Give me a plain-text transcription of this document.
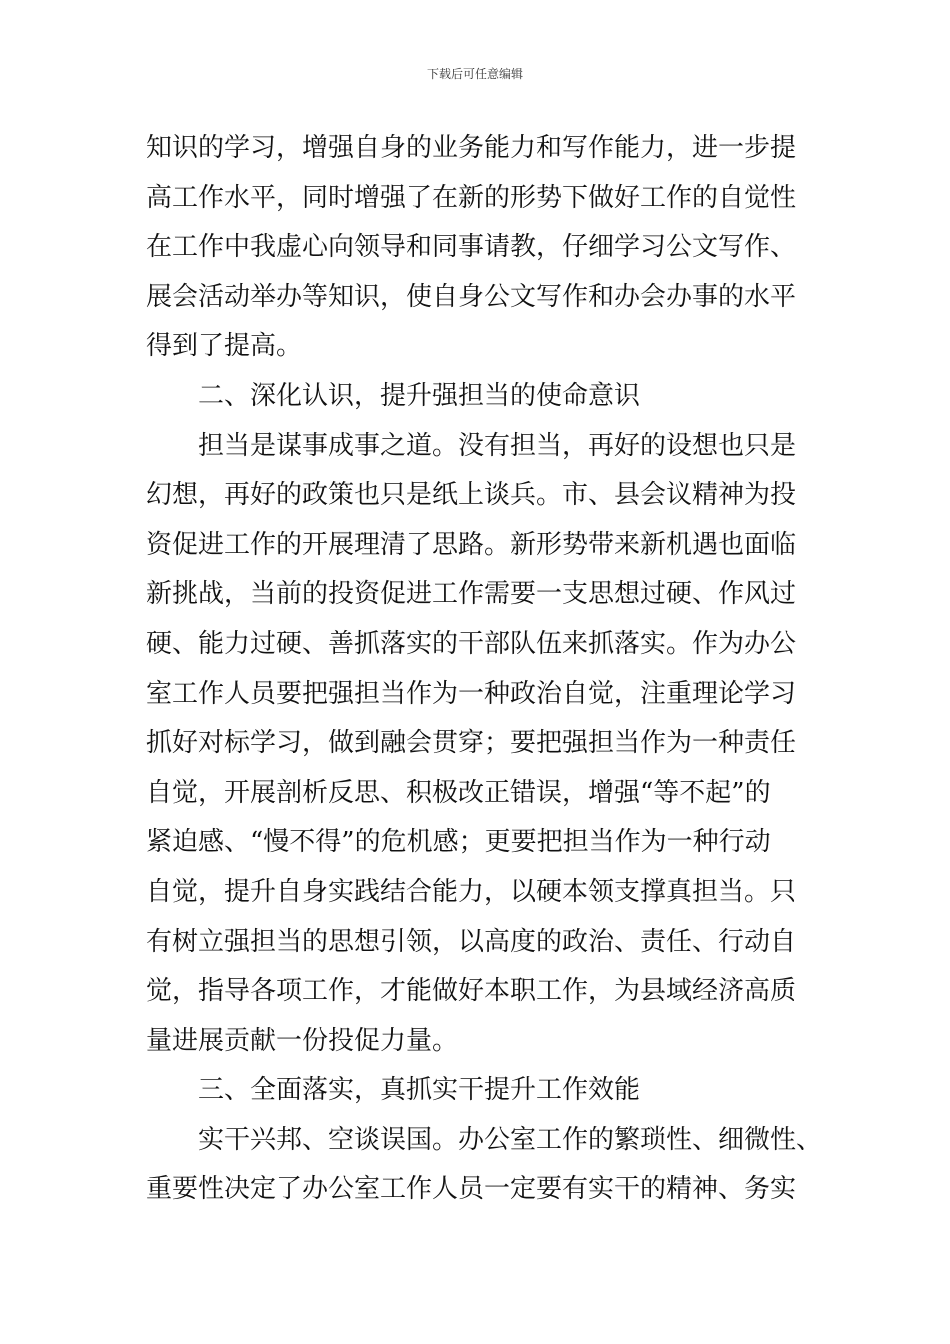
下载后可任意编辑
知识的学习，增强自身的业务能力和写作能力，进一步提
高工作水平，同时增强了在新的形势下做好工作的自觉性
在工作中我虚心向领导和同事请教，仔细学习公文写作、
展会活动举办等知识，使自身公文写作和办会办事的水平
得到了提高。
二、深化认识，提升强担当的使命意识
担当是谋事成事之道。没有担当，再好的设想也只是
幻想，再好的政策也只是纸上谈兵。市、县会议精神为投
资促进工作的开展理清了思路。新形势带来新机遇也面临
新挑战，当前的投资促进工作需要一支思想过硬、作风过
硬、能力过硬、善抓落实的干部队伍来抓落实。作为办公
室工作人员要把强担当作为一种政治自觉，注重理论学习
抓好对标学习，做到融会贯穿；要把强担当作为一种责任
自觉，开展剖析反思、积极改正错误，增强“等不起”的
紧迫感、“慢不得”的危机感；更要把担当作为一种行动
自觉，提升自身实践结合能力，以硬本领支撑真担当。只
有树立强担当的思想引领，以高度的政治、责任、行动自
觉，指导各项工作，才能做好本职工作，为县域经济高质
量进展贡献一份投促力量。
三、全面落实，真抓实干提升工作效能
实干兴邦、空谈误国。办公室工作的繁琐性、细微性、
重要性决定了办公室工作人员一定要有实干的精神、务实
